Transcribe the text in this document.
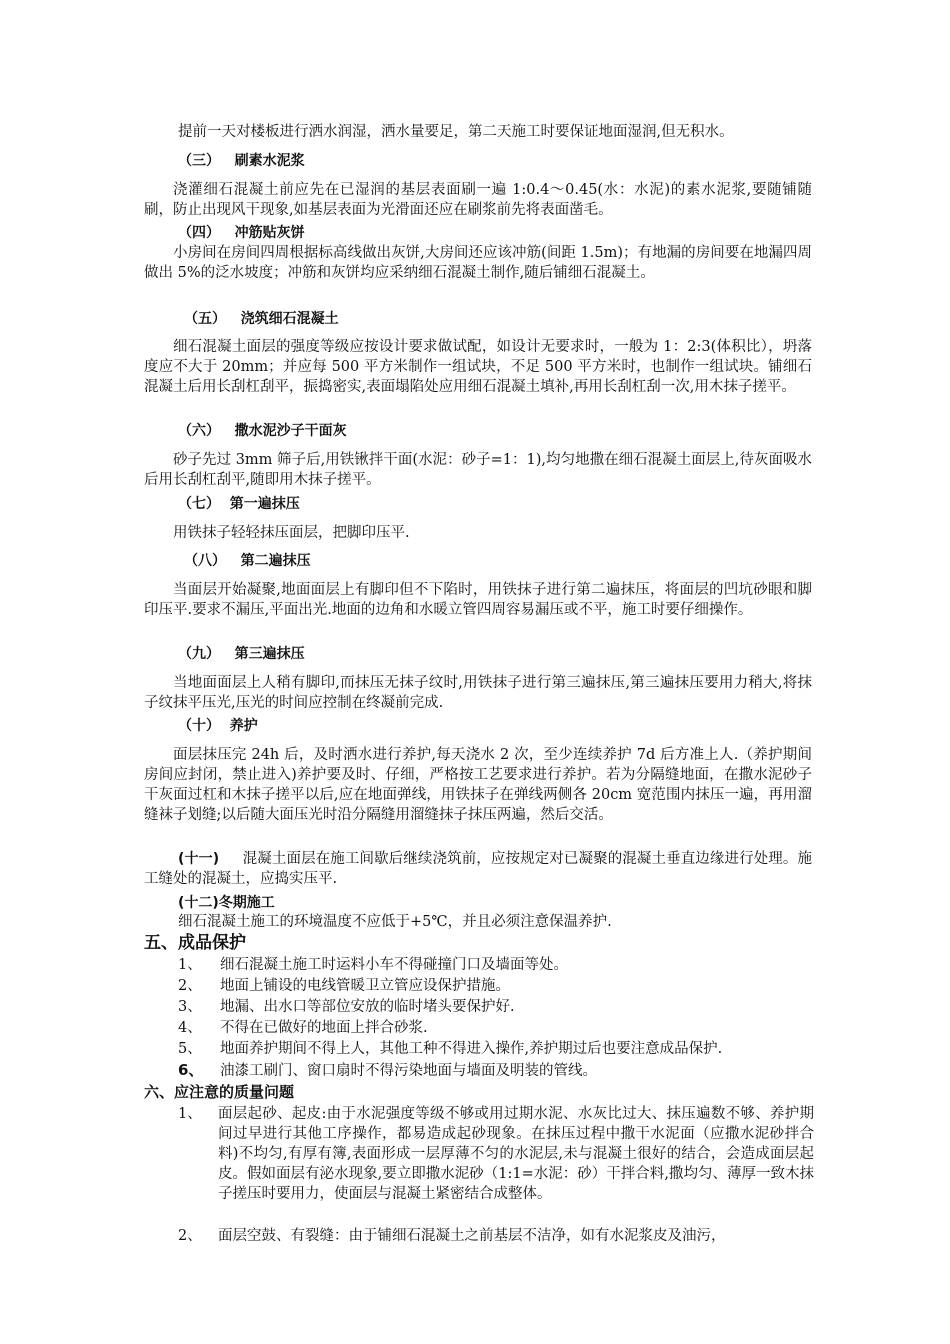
提前一天对楼板进行洒水润湿，洒水量要足，第二天施工时要保证地面湿润,但无积水。
（三） 刷素水泥浆
浇灌细石混凝土前应先在已湿润的基层表面刷一遍 1:0.4～0.45(水：水泥)的素水泥浆,要随铺随刷，防止出现风干现象,如基层表面为光滑面还应在刷浆前先将表面凿毛。
（四） 冲筋贴灰饼
小房间在房间四周根据标高线做出灰饼,大房间还应该冲筋(间距 1.5m)；有地漏的房间要在地漏四周做出 5%的泛水坡度；冲筋和灰饼均应采纳细石混凝土制作,随后铺细石混凝土。
（五） 浇筑细石混凝土
细石混凝土面层的强度等级应按设计要求做试配，如设计无要求时，一般为 1：2:3(体积比），坍落度应不大于 20mm；并应每 500 平方米制作一组试块，不足 500 平方米时，也制作一组试块。铺细石混凝土后用长刮杠刮平，振捣密实,表面塌陷处应用细石混凝土填补,再用长刮杠刮一次,用木抹子搓平。
（六） 撒水泥沙子干面灰
砂子先过 3mm 筛子后,用铁锹拌干面(水泥：砂子=1：1),均匀地撒在细石混凝土面层上,待灰面吸水后用长刮杠刮平,随即用木抹子搓平。
（七） 第一遍抹压
用铁抹子轻轻抹压面层，把脚印压平.
（八） 第二遍抹压
当面层开始凝聚,地面面层上有脚印但不下陷时，用铁抹子进行第二遍抹压，将面层的凹坑砂眼和脚印压平.要求不漏压,平面出光.地面的边角和水暖立管四周容易漏压或不平，施工时要仔细操作。
（九） 第三遍抹压
当地面面层上人稍有脚印,而抹压无抹子纹时,用铁抹子进行第三遍抹压,第三遍抹压要用力稍大,将抹子纹抹平压光,压光的时间应控制在终凝前完成.
（十） 养护
面层抹压完 24h 后，及时洒水进行养护,每天浇水 2 次，至少连续养护 7d 后方准上人.（养护期间房间应封闭，禁止进入)养护要及时、仔细，严格按工艺要求进行养护。若为分隔缝地面，在撒水泥砂子干灰面过杠和木抹子搓平以后,应在地面弹线，用铁抹子在弹线两侧各 20cm 宽范围内抹压一遍，再用溜缝袜子划缝;以后随大面压光时沿分隔缝用溜缝抹子抹压两遍，然后交活。
(十一) 混凝土面层在施工间歇后继续浇筑前，应按规定对已凝聚的混凝土垂直边缘进行处理。施工缝处的混凝土，应捣实压平.
(十二)冬期施工
细石混凝土施工的环境温度不应低于+5℃，并且必须注意保温养护.
五、成品保护
1、 细石混凝土施工时运料小车不得碰撞门口及墙面等处。
2、 地面上铺设的电线管暖卫立管应设保护措施。
3、 地漏、出水口等部位安放的临时堵头要保护好.
4、 不得在已做好的地面上拌合砂浆.
5、 地面养护期间不得上人，其他工种不得进入操作,养护期过后也要注意成品保护.
6、 油漆工刷门、窗口扇时不得污染地面与墙面及明装的管线。
六、应注意的质量问题
1、 面层起砂、起皮:由于水泥强度等级不够或用过期水泥、水灰比过大、抹压遍数不够、养护期间过早进行其他工序操作，都易造成起砂现象。在抹压过程中撒干水泥面（应撒水泥砂拌合料)不均匀,有厚有簿,表面形成一层厚薄不匀的水泥层,未与混凝土很好的结合，会造成面层起皮。假如面层有泌水现象,要立即撒水泥砂（1:1=水泥：砂）干拌合料,撒均匀、薄厚一致木抹子搓压时要用力，使面层与混凝土紧密结合成整体。
2、 面层空鼓、有裂缝：由于铺细石混凝土之前基层不洁净，如有水泥浆皮及油污，
